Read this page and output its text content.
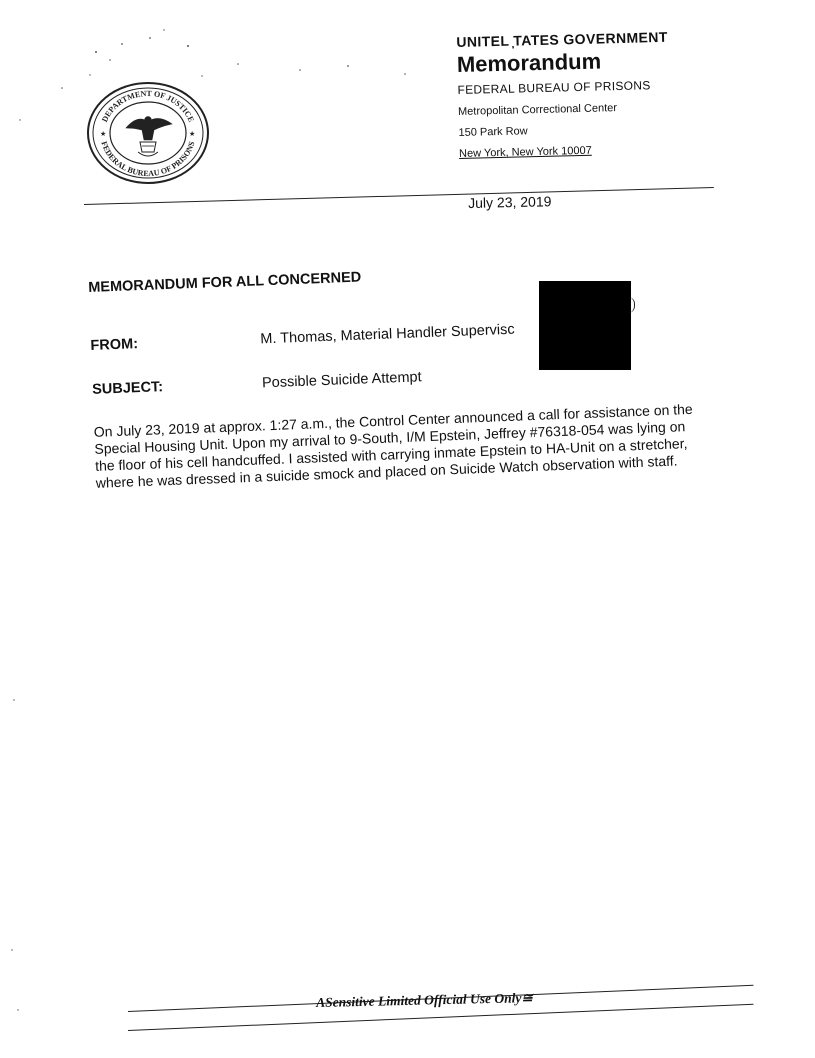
DEPARTMENT OF JUSTICE
FEDERAL BUREAU OF PRISONS
★	★
UNITEL ̦TATES GOVERNMENT
Memorandum
FEDERAL BUREAU OF PRISONS
Metropolitan Correctional Center
150 Park Row
New York, New York 10007
July 23, 2019
MEMORANDUM FOR ALL CONCERNED
FROM:	M. Thomas, Material Handler Supervisc
SUBJECT:	Possible Suicide Attempt
On July 23, 2019 at approx. 1:27 a.m., the Control Center announced a call for assistance on the Special Housing Unit. Upon my arrival to 9-South, I/M Epstein, Jeffrey #76318-054 was lying on the floor of his cell handcuffed. I assisted with carrying inmate Epstein to HA-Unit on a stretcher, where he was dressed in a suicide smock and placed on Suicide Watch observation with staff.
ASensitive Limited Official Use Only≅
